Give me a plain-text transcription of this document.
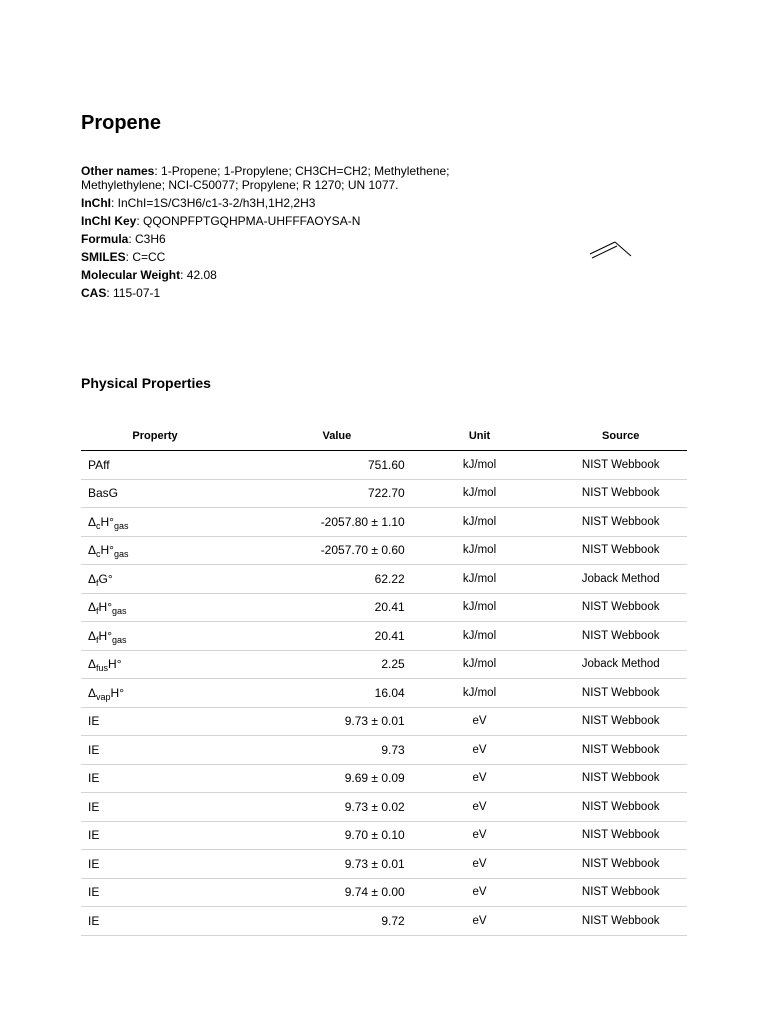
Propene
Other names: 1-Propene; 1-Propylene; CH3CH=CH2; Methylethene; Methylethylene; NCI-C50077; Propylene; R 1270; UN 1077.
InChI: InChI=1S/C3H6/c1-3-2/h3H,1H2,2H3
InChI Key: QQONPFPTGQHPMA-UHFFFAOYSA-N
Formula: C3H6
SMILES: C=CC
Molecular Weight: 42.08
CAS: 115-07-1
Physical Properties
Property	Value	Unit	Source
PAff	751.60	kJ/mol	NIST Webbook
BasG	722.70	kJ/mol	NIST Webbook
$\Delta_cH^\circ_{gas}$	-2057.80 ± 1.10	kJ/mol	NIST Webbook
$\Delta_cH^\circ_{gas}$	-2057.70 ± 0.60	kJ/mol	NIST Webbook
$\Delta_fG^\circ$	62.22	kJ/mol	Joback Method
$\Delta_fH^\circ_{gas}$	20.41	kJ/mol	NIST Webbook
$\Delta_fH^\circ_{gas}$	20.41	kJ/mol	NIST Webbook
$\Delta_{fus}H^\circ$	2.25	kJ/mol	Joback Method
$\Delta_{vap}H^\circ$	16.04	kJ/mol	NIST Webbook
IE	9.73 ± 0.01	eV	NIST Webbook
IE	9.73	eV	NIST Webbook
IE	9.69 ± 0.09	eV	NIST Webbook
IE	9.73 ± 0.02	eV	NIST Webbook
IE	9.70 ± 0.10	eV	NIST Webbook
IE	9.73 ± 0.01	eV	NIST Webbook
IE	9.74 ± 0.00	eV	NIST Webbook
IE	9.72	eV	NIST Webbook
